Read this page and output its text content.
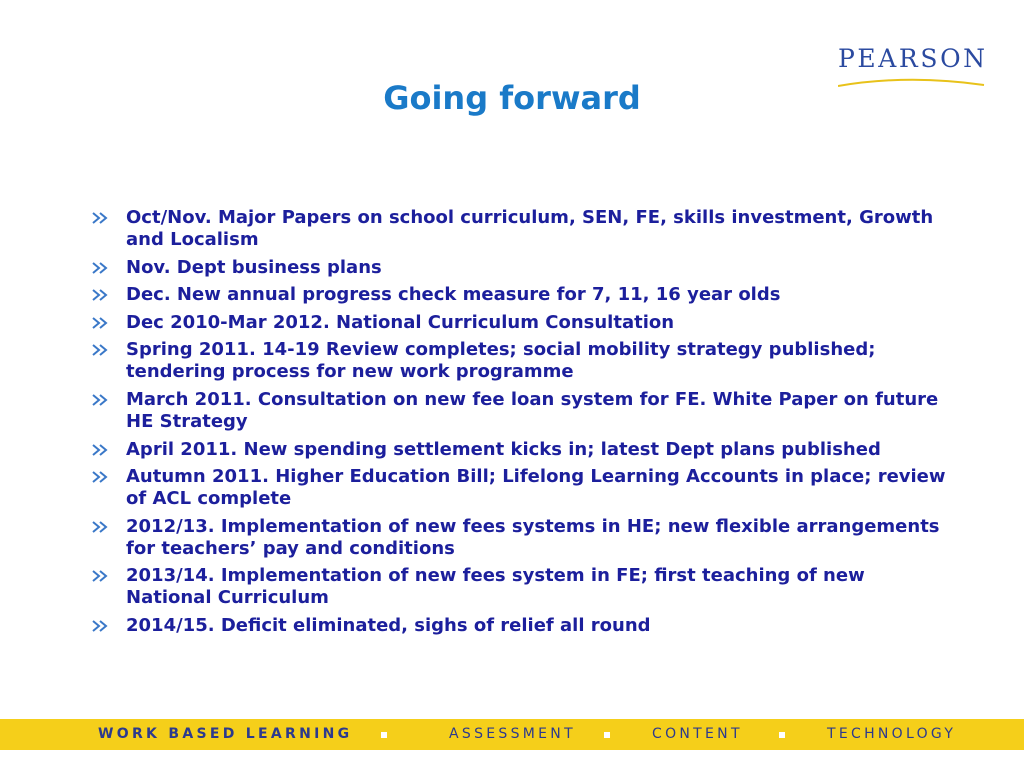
PEARSON
Going forward
Oct/Nov. Major Papers on school curriculum, SEN, FE, skills investment, Growth and Localism
Nov. Dept business plans
Dec. New annual progress check measure for 7, 11, 16 year olds
Dec 2010-Mar 2012. National Curriculum Consultation
Spring 2011. 14-19 Review completes; social mobility strategy published; tendering process for new work programme
March 2011. Consultation on new fee loan system for FE. White Paper on future HE Strategy
April 2011. New spending settlement kicks in; latest Dept plans published
Autumn 2011. Higher Education Bill; Lifelong Learning Accounts in place; review of ACL complete
2012/13. Implementation of new fees systems in HE; new flexible arrangements for teachers’ pay and conditions
2013/14. Implementation of new fees system in FE; first teaching of new National Curriculum
2014/15. Deficit eliminated, sighs of relief all round
WORK BASED LEARNING	ASSESSMENT	CONTENT	TECHNOLOGY
